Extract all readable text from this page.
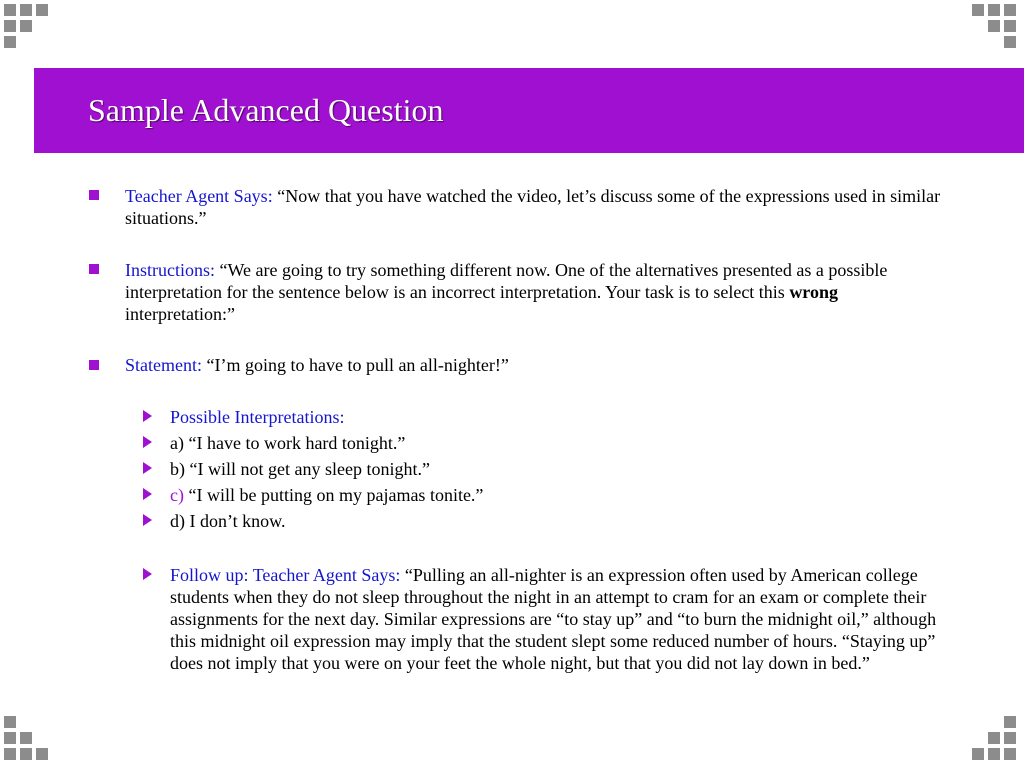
Sample Advanced Question
Teacher Agent Says: “Now that you have watched the video, let’s discuss some of the expressions used in similar situations.”
Instructions: “We are going to try something different now. One of the alternatives presented as a possible interpretation for the sentence below is an incorrect interpretation. Your task is to select this wrong interpretation:”
Statement: “I’m going to have to pull an all-nighter!”
Possible Interpretations:
a) “I have to work hard tonight.”
b) “I will not get any sleep tonight.”
c) “I will be putting on my pajamas tonite.”
d) I don’t know.
Follow up: Teacher Agent Says: “Pulling an all-nighter is an expression often used by American college students when they do not sleep throughout the night in an attempt to cram for an exam or complete their assignments for the next day. Similar expressions are “to stay up” and “to burn the midnight oil,” although this midnight oil expression may imply that the student slept some reduced number of hours. “Staying up” does not imply that you were on your feet the whole night, but that you did not lay down in bed.”
